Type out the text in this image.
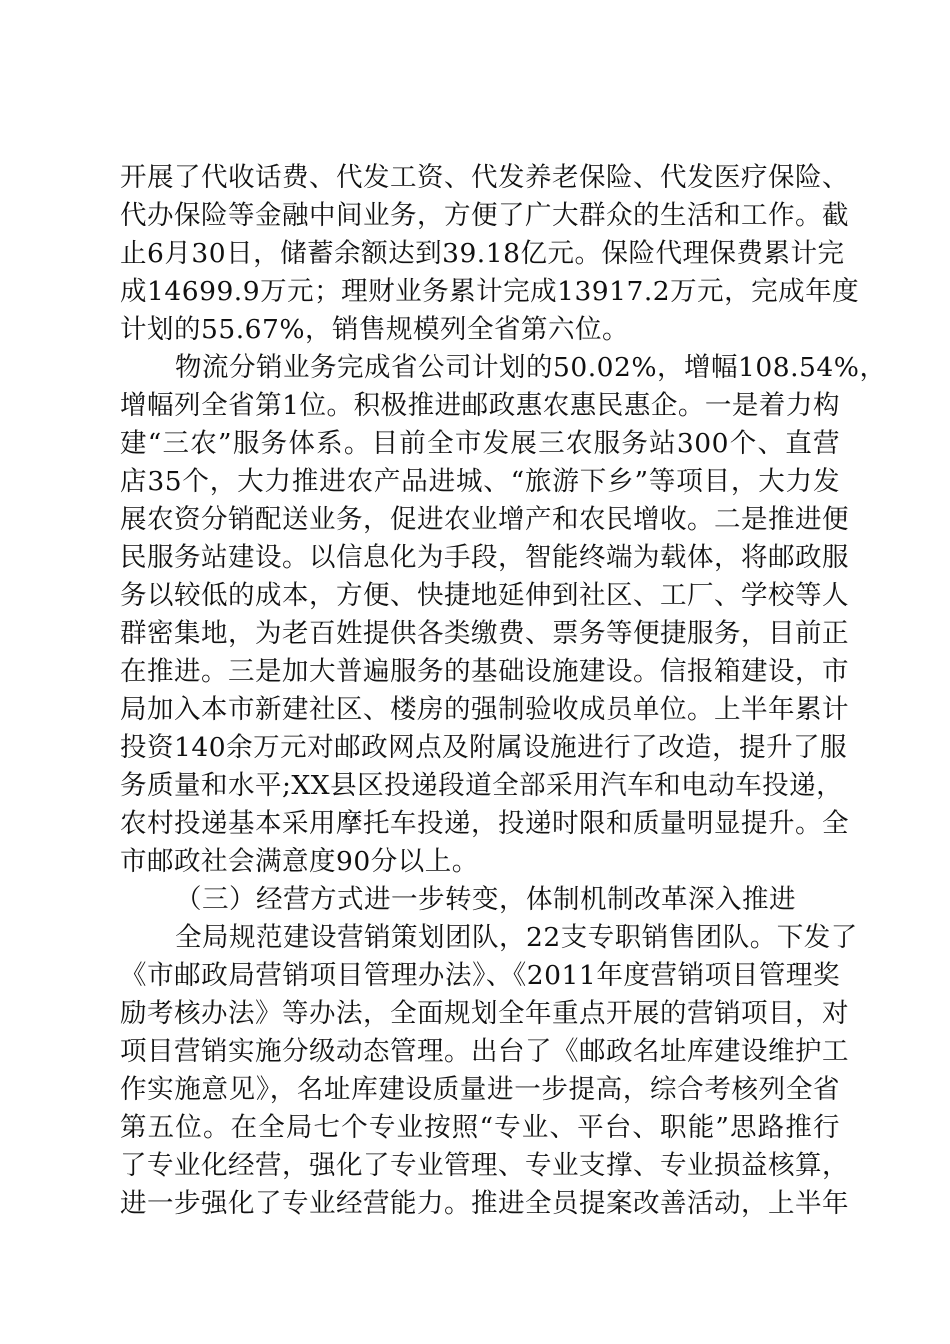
开展了代收话费、代发工资、代发养老保险、代发医疗保险、
代办保险等金融中间业务，方便了广大群众的生活和工作。截
止6月30日，储蓄余额达到39.18亿元。保险代理保费累计完
成14699.9万元；理财业务累计完成13917.2万元，完成年度
计划的55.67%，销售规模列全省第六位。
物流分销业务完成省公司计划的50.02%，增幅108.54%，
增幅列全省第1位。积极推进邮政惠农惠民惠企。一是着力构
建“三农”服务体系。目前全市发展三农服务站300个、直营
店35个，大力推进农产品进城、“旅游下乡”等项目，大力发
展农资分销配送业务，促进农业增产和农民增收。二是推进便
民服务站建设。以信息化为手段，智能终端为载体，将邮政服
务以较低的成本，方便、快捷地延伸到社区、工厂、学校等人
群密集地，为老百姓提供各类缴费、票务等便捷服务，目前正
在推进。三是加大普遍服务的基础设施建设。信报箱建设，市
局加入本市新建社区、楼房的强制验收成员单位。上半年累计
投资140余万元对邮政网点及附属设施进行了改造，提升了服
务质量和水平;XX县区投递段道全部采用汽车和电动车投递，
农村投递基本采用摩托车投递，投递时限和质量明显提升。全
市邮政社会满意度90分以上。
（三）经营方式进一步转变，体制机制改革深入推进
全局规范建设营销策划团队，22支专职销售团队。下发了
《市邮政局营销项目管理办法》、《2011年度营销项目管理奖
励考核办法》等办法，全面规划全年重点开展的营销项目，对
项目营销实施分级动态管理。出台了《邮政名址库建设维护工
作实施意见》，名址库建设质量进一步提高，综合考核列全省
第五位。在全局七个专业按照“专业、平台、职能”思路推行
了专业化经营，强化了专业管理、专业支撑、专业损益核算，
进一步强化了专业经营能力。推进全员提案改善活动，上半年
